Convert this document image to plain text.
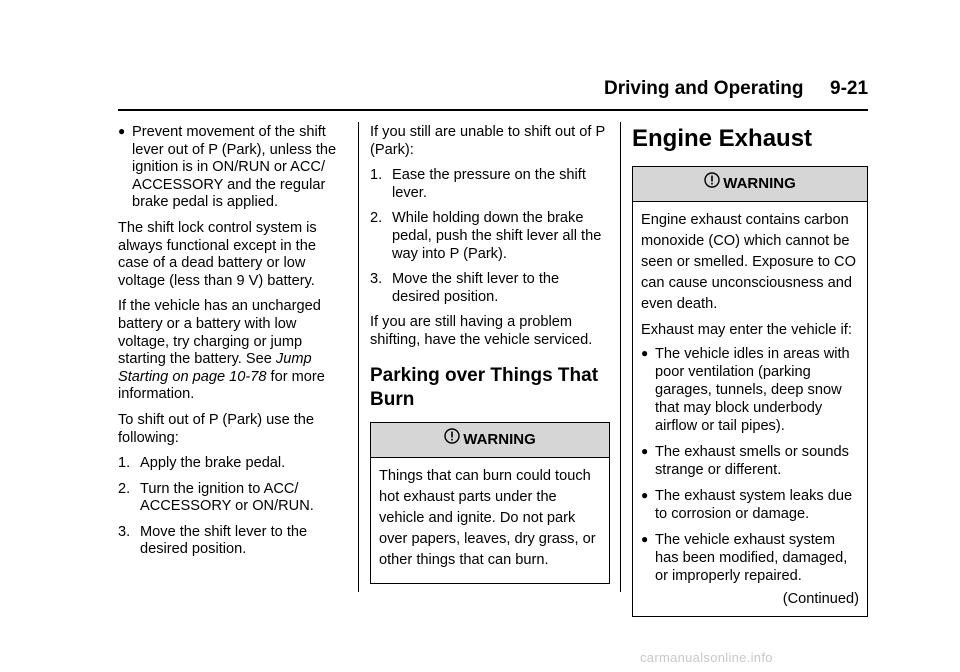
Driving and Operating 9-21
● Prevent movement of the shift lever out of P (Park), unless the ignition is in ON/RUN or ACC/ ACCESSORY and the regular brake pedal is applied.

The shift lock control system is always functional except in the case of a dead battery or low voltage (less than 9 V) battery.

If the vehicle has an uncharged battery or a battery with low voltage, try charging or jump starting the battery. See Jump Starting on page 10-78 for more information.

To shift out of P (Park) use the following:

1. Apply the brake pedal.
2. Turn the ignition to ACC/ ACCESSORY or ON/RUN.
3. Move the shift lever to the desired position.

If you still are unable to shift out of P (Park):

1. Ease the pressure on the shift lever.
2. While holding down the brake pedal, push the shift lever all the way into P (Park).
3. Move the shift lever to the desired position.

If you are still having a problem shifting, have the vehicle serviced.

Parking over Things That Burn
WARNING

Things that can burn could touch hot exhaust parts under the vehicle and ignite. Do not park over papers, leaves, dry grass, or other things that can burn.

Engine Exhaust
WARNING

Engine exhaust contains carbon monoxide (CO) which cannot be seen or smelled. Exposure to CO can cause unconsciousness and even death.

Exhaust may enter the vehicle if:

● The vehicle idles in areas with poor ventilation (parking garages, tunnels, deep snow that may block underbody airflow or tail pipes).
● The exhaust smells or sounds strange or different.
● The exhaust system leaks due to corrosion or damage.
● The vehicle exhaust system has been modified, damaged, or improperly repaired.
(Continued)
carmanualsonline.info
